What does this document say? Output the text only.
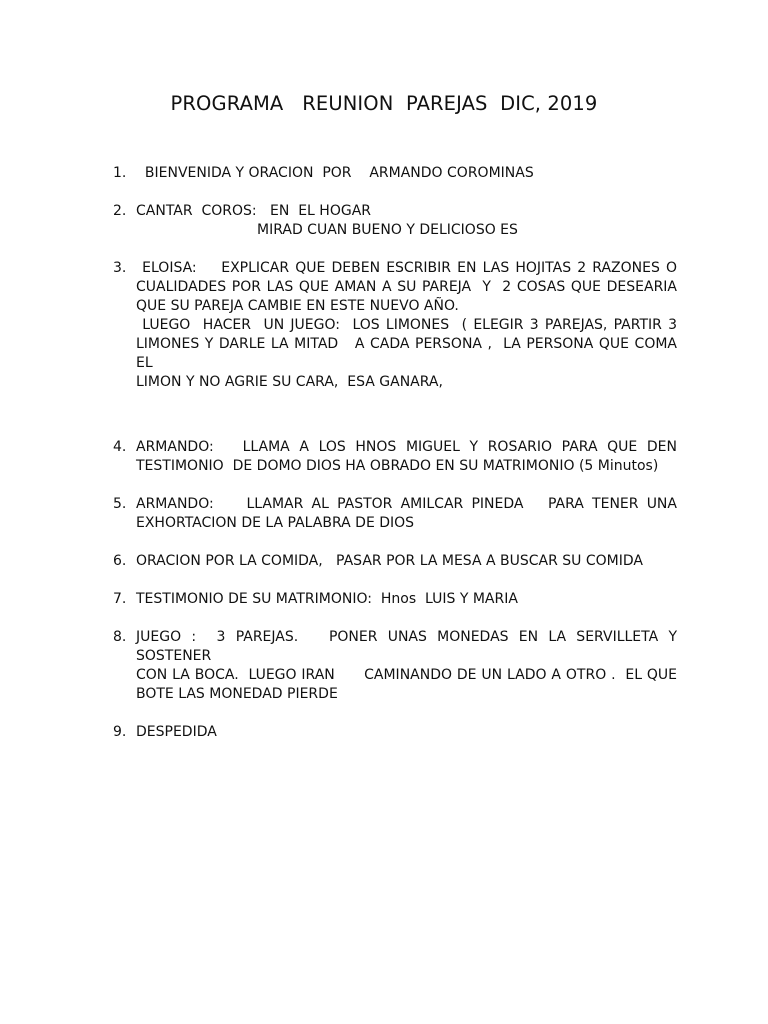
PROGRAMA   REUNION  PAREJAS  DIC, 2019
1. BIENVENIDA Y ORACION  POR    ARMANDO COROMINAS
2. CANTAR  COROS:   EN  EL HOGAR
MIRAD CUAN BUENO Y DELICIOSO ES
3. ELOISA:    EXPLICAR QUE DEBEN ESCRIBIR EN LAS HOJITAS 2 RAZONES O
CUALIDADES POR LAS QUE AMAN A SU PAREJA  Y  2 COSAS QUE DESEARIA
QUE SU PAREJA CAMBIE EN ESTE NUEVO AÑO.
LUEGO  HACER  UN JUEGO:  LOS LIMONES  ( ELEGIR 3 PAREJAS, PARTIR 3
LIMONES Y DARLE LA MITAD   A CADA PERSONA ,  LA PERSONA QUE COMA EL
LIMON Y NO AGRIE SU CARA,  ESA GANARA,
4. ARMANDO:   LLAMA A LOS HNOS MIGUEL Y ROSARIO PARA QUE DEN
TESTIMONIO  DE DOMO DIOS HA OBRADO EN SU MATRIMONIO (5 Minutos)
5. ARMANDO:    LLAMAR AL PASTOR AMILCAR PINEDA   PARA TENER UNA
EXHORTACION DE LA PALABRA DE DIOS
6. ORACION POR LA COMIDA,   PASAR POR LA MESA A BUSCAR SU COMIDA
7. TESTIMONIO DE SU MATRIMONIO:  Hnos  LUIS Y MARIA
8. JUEGO :  3 PAREJAS.   PONER UNAS MONEDAS EN LA SERVILLETA Y SOSTENER
CON LA BOCA.  LUEGO IRAN      CAMINANDO DE UN LADO A OTRO .  EL QUE
BOTE LAS MONEDAD PIERDE
9. DESPEDIDA
